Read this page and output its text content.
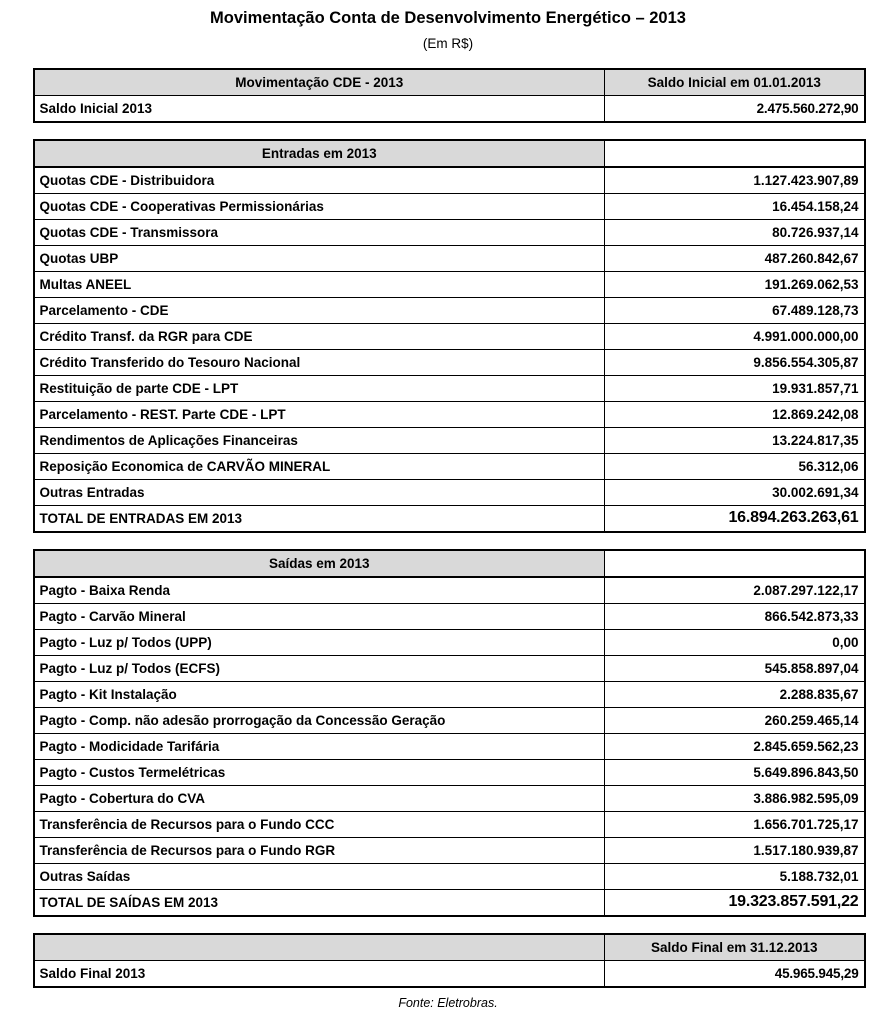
Movimentação Conta de Desenvolvimento Energético – 2013
(Em R$)
Movimentação CDE - 2013	Saldo Inicial em 01.01.2013
Saldo Inicial 2013	2.475.560.272,90
Entradas em 2013	
Quotas CDE - Distribuidora	1.127.423.907,89
Quotas CDE - Cooperativas Permissionárias	16.454.158,24
Quotas CDE - Transmissora	80.726.937,14
Quotas UBP	487.260.842,67
Multas ANEEL	191.269.062,53
Parcelamento - CDE	67.489.128,73
Crédito Transf. da RGR para CDE	4.991.000.000,00
Crédito Transferido do Tesouro Nacional	9.856.554.305,87
Restituição de parte CDE - LPT	19.931.857,71
Parcelamento - REST. Parte CDE - LPT	12.869.242,08
Rendimentos de Aplicações Financeiras	13.224.817,35
Reposição Economica de CARVÃO MINERAL	56.312,06
Outras Entradas	30.002.691,34
TOTAL DE ENTRADAS EM 2013	16.894.263.263,61
Saídas em 2013	
Pagto - Baixa Renda	2.087.297.122,17
Pagto - Carvão Mineral	866.542.873,33
Pagto - Luz p/ Todos (UPP)	0,00
Pagto - Luz p/ Todos (ECFS)	545.858.897,04
Pagto - Kit Instalação	2.288.835,67
Pagto - Comp. não adesão prorrogação da Concessão Geração	260.259.465,14
Pagto - Modicidade Tarifária	2.845.659.562,23
Pagto - Custos Termelétricas	5.649.896.843,50
Pagto - Cobertura do CVA	3.886.982.595,09
Transferência de Recursos para o Fundo CCC	1.656.701.725,17
Transferência de Recursos para o Fundo RGR	1.517.180.939,87
Outras Saídas	5.188.732,01
TOTAL DE SAÍDAS EM 2013	19.323.857.591,22
	Saldo Final em 31.12.2013
Saldo Final 2013	45.965.945,29
Fonte: Eletrobras.
